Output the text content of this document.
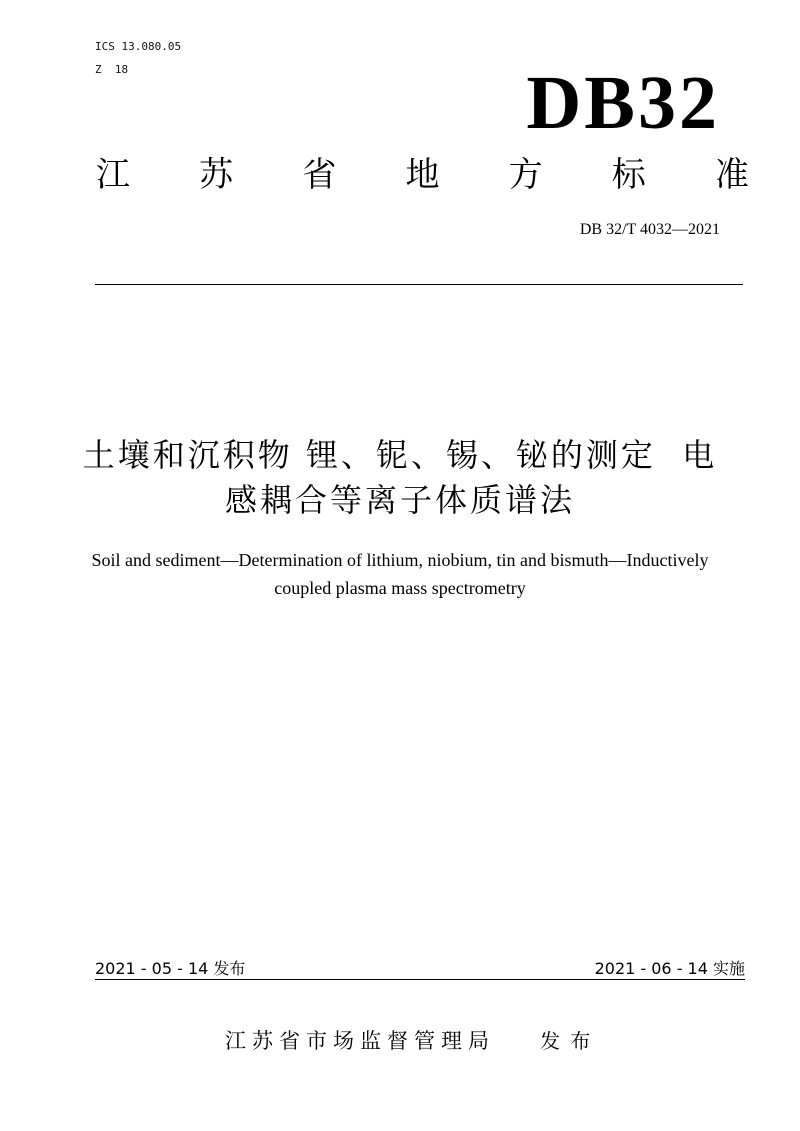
ICS 13.080.05
Z  18	DB32
江 苏 省 地 方 标 准
DB 32/T 4032—2021
土壤和沉积物 锂、铌、锡、铋的测定  电
感耦合等离子体质谱法
Soil and sediment—Determination of lithium, niobium, tin and bismuth—Inductively
coupled plasma mass spectrometry
2021 - 05 - 14 发布	2021 - 06 - 14 实施
江苏省市场监督管理局 发 布
